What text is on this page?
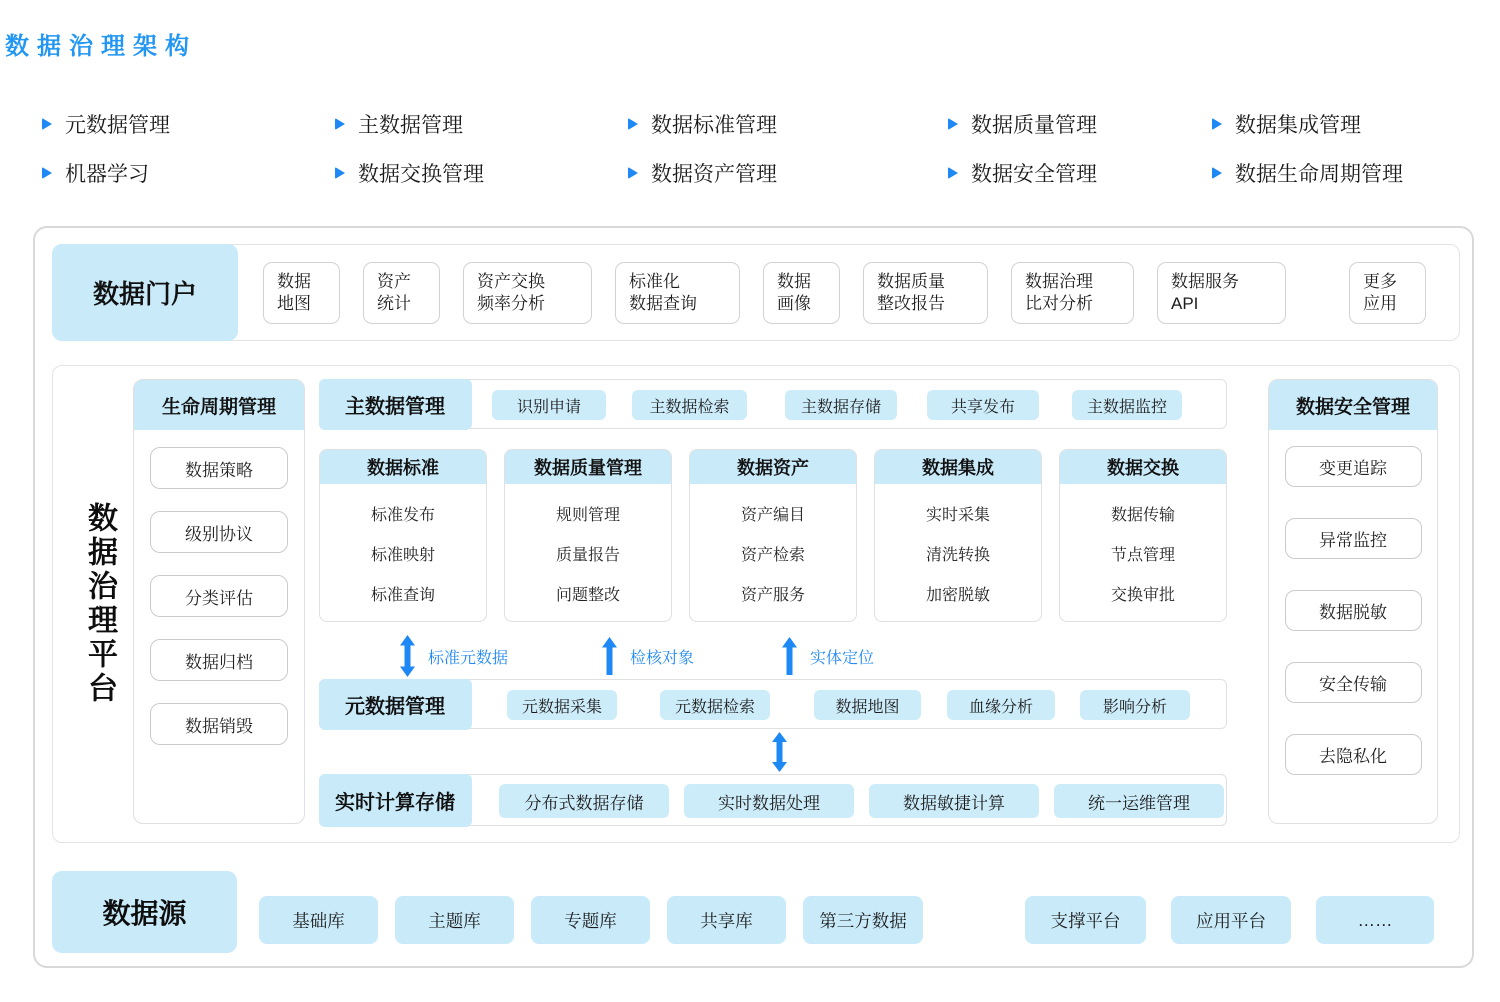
数据治理架构
元数据管理	主数据管理	数据标准管理	数据质量管理	数据集成管理
机器学习	数据交换管理	数据资产管理	数据安全管理	数据生命周期管理
数据门户	数据
地图
资产
统计
资产交换
频率分析
标准化
数据查询
数据
画像
数据质量
整改报告
数据治理
比对分析
数据服务
API
更多
应用
数据治理平台
生命周期管理
数据策略
级别协议
分类评估
数据归档
数据销毁
主数据管理	识别申请	主数据检索	主数据存储	共享发布	主数据监控
数据标准
标准发布
标准映射
标准查询
数据质量管理
规则管理
质量报告
问题整改
数据资产
资产编目
资产检索
资产服务
数据集成
实时采集
清洗转换
加密脱敏
数据交换
数据传输
节点管理
交换审批
标准元数据	检核对象	实体定位
元数据管理	元数据采集	元数据检索	数据地图	血缘分析	影响分析
实时计算存储	分布式数据存储	实时数据处理	数据敏捷计算	统一运维管理
数据安全管理
变更追踪
异常监控
数据脱敏
安全传输
去隐私化
数据源	基础库	主题库	专题库	共享库	第三方数据	支撑平台	应用平台	……
